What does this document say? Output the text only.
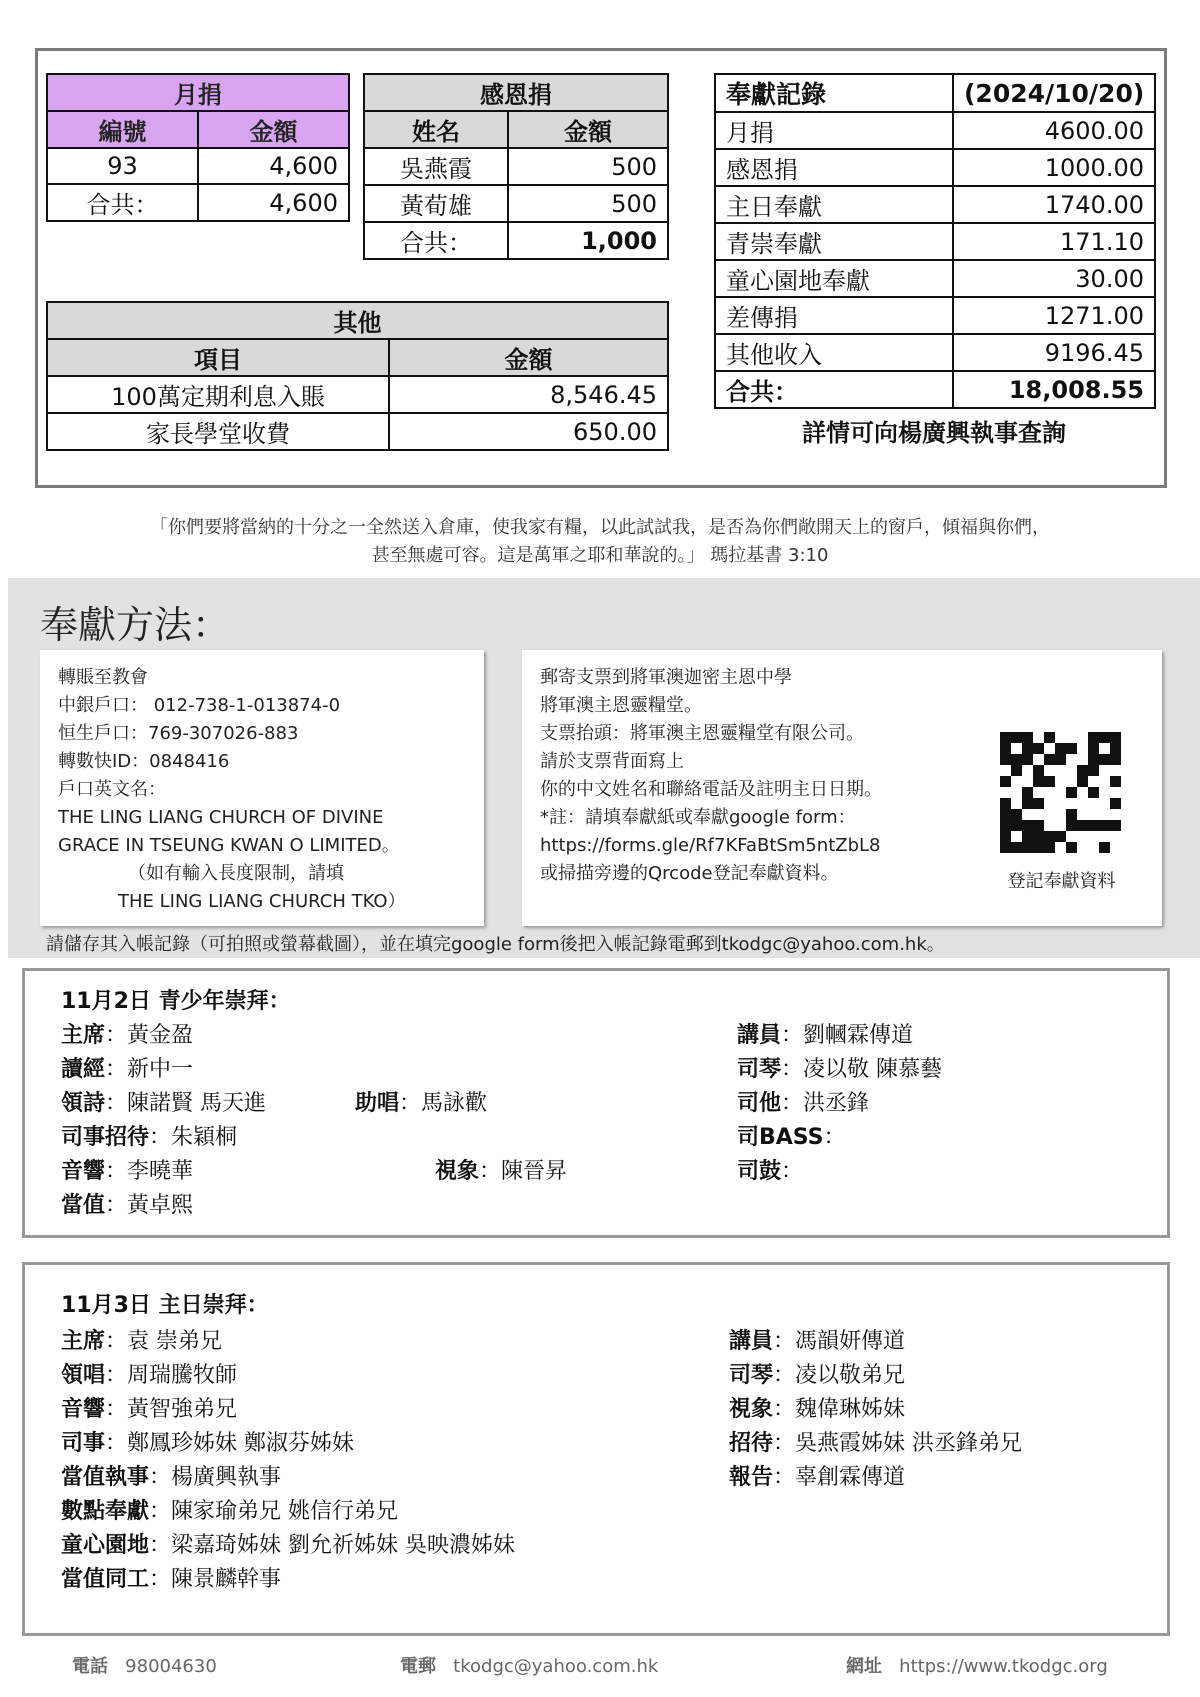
月捐	
編號	金額
93	4,600
合共：	4,600
感恩捐	
姓名	金額
吳燕霞	500
黃荀雄	500
合共：	1,000
其他	
項目	金額
100萬定期利息入賬	8,546.45
家長學堂收費	650.00
奉獻記錄	(2024/10/20)
月捐	4600.00
感恩捐	1000.00
主日奉獻	1740.00
青崇奉獻	171.10
童心園地奉獻	30.00
差傳捐	1271.00
其他收入	9196.45
合共：	18,008.55
詳情可向楊廣興執事查詢
「你們要將當納的十分之一全然送入倉庫，使我家有糧，以此試試我，是否為你們敞開天上的窗戶，傾福與你們，
甚至無處可容。這是萬軍之耶和華說的。」 瑪拉基書 3:10
奉獻方法：
轉賬至教會
中銀戶口： 012-738-1-013874-0
恒生戶口：769-307026-883
轉數快ID：0848416
戶口英文名：
THE LING LIANG CHURCH OF DIVINE
GRACE IN TSEUNG KWAN O LIMITED。
（如有輸入長度限制，請填
THE LING LIANG CHURCH TKO）
郵寄支票到將軍澳迦密主恩中學
將軍澳主恩靈糧堂。
支票抬頭：將軍澳主恩靈糧堂有限公司。
請於支票背面寫上
你的中文姓名和聯絡電話及註明主日日期。
*註：請填奉獻紙或奉獻google form：
https://forms.gle/Rf7KFaBtSm5ntZbL8
或掃描旁邊的Qrcode登記奉獻資料。	登記奉獻資料
請儲存其入帳記錄（可拍照或螢幕截圖），並在填完google form後把入帳記錄電郵到tkodgc@yahoo.com.hk。
11月2日 青少年崇拜：
主席：黃金盈
讀經：新中一
領詩：陳諾賢 馬天進	助唱：馬詠歡
司事招待：朱穎桐
音響：李曉華	視象：陳晉昇
當值：黃卓熙
講員：劉幗霖傳道
司琴：凌以敬 陳慕藝
司他：洪丞鋒
司BASS：
司鼓：
11月3日 主日崇拜：
主席：袁 崇弟兄
領唱：周瑞騰牧師
音響：黃智強弟兄
司事：鄭鳳珍姊妹 鄭淑芬姊妹
當值執事：楊廣興執事
數點奉獻：陳家瑜弟兄 姚信行弟兄
童心園地：梁嘉琦姊妹 劉允祈姊妹 吳映濃姊妹
當值同工：陳景麟幹事
講員：馮韻妍傳道
司琴：凌以敬弟兄
視象：魏偉琳姊妹
招待：吳燕霞姊妹 洪丞鋒弟兄
報告：辜創霖傳道
電話 98004630	電郵 tkodgc@yahoo.com.hk	網址 https://www.tkodgc.org
